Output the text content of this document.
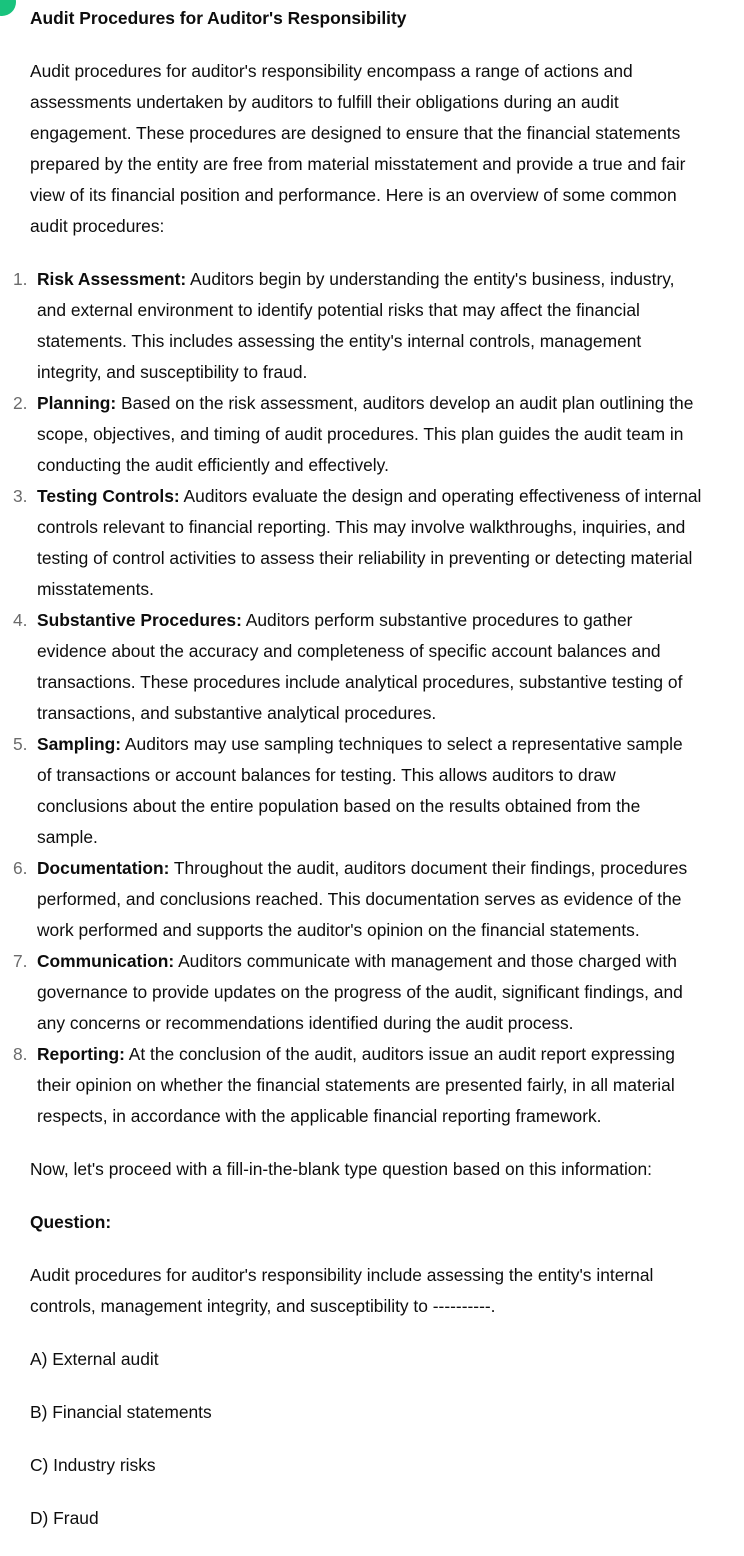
Audit Procedures for Auditor's Responsibility

Audit procedures for auditor's responsibility encompass a range of actions and assessments undertaken by auditors to fulfill their obligations during an audit engagement. These procedures are designed to ensure that the financial statements prepared by the entity are free from material misstatement and provide a true and fair view of its financial position and performance. Here is an overview of some common audit procedures:

1. Risk Assessment: Auditors begin by understanding the entity's business, industry, and external environment to identify potential risks that may affect the financial statements. This includes assessing the entity's internal controls, management integrity, and susceptibility to fraud.
2. Planning: Based on the risk assessment, auditors develop an audit plan outlining the scope, objectives, and timing of audit procedures. This plan guides the audit team in conducting the audit efficiently and effectively.
3. Testing Controls: Auditors evaluate the design and operating effectiveness of internal controls relevant to financial reporting. This may involve walkthroughs, inquiries, and testing of control activities to assess their reliability in preventing or detecting material misstatements.
4. Substantive Procedures: Auditors perform substantive procedures to gather evidence about the accuracy and completeness of specific account balances and transactions. These procedures include analytical procedures, substantive testing of transactions, and substantive analytical procedures.
5. Sampling: Auditors may use sampling techniques to select a representative sample of transactions or account balances for testing. This allows auditors to draw conclusions about the entire population based on the results obtained from the sample.
6. Documentation: Throughout the audit, auditors document their findings, procedures performed, and conclusions reached. This documentation serves as evidence of the work performed and supports the auditor's opinion on the financial statements.
7. Communication: Auditors communicate with management and those charged with governance to provide updates on the progress of the audit, significant findings, and any concerns or recommendations identified during the audit process.
8. Reporting: At the conclusion of the audit, auditors issue an audit report expressing their opinion on whether the financial statements are presented fairly, in all material respects, in accordance with the applicable financial reporting framework.

Now, let's proceed with a fill-in-the-blank type question based on this information:

Question:

Audit procedures for auditor's responsibility include assessing the entity's internal controls, management integrity, and susceptibility to ----------.

A) External audit

B) Financial statements

C) Industry risks

D) Fraud
